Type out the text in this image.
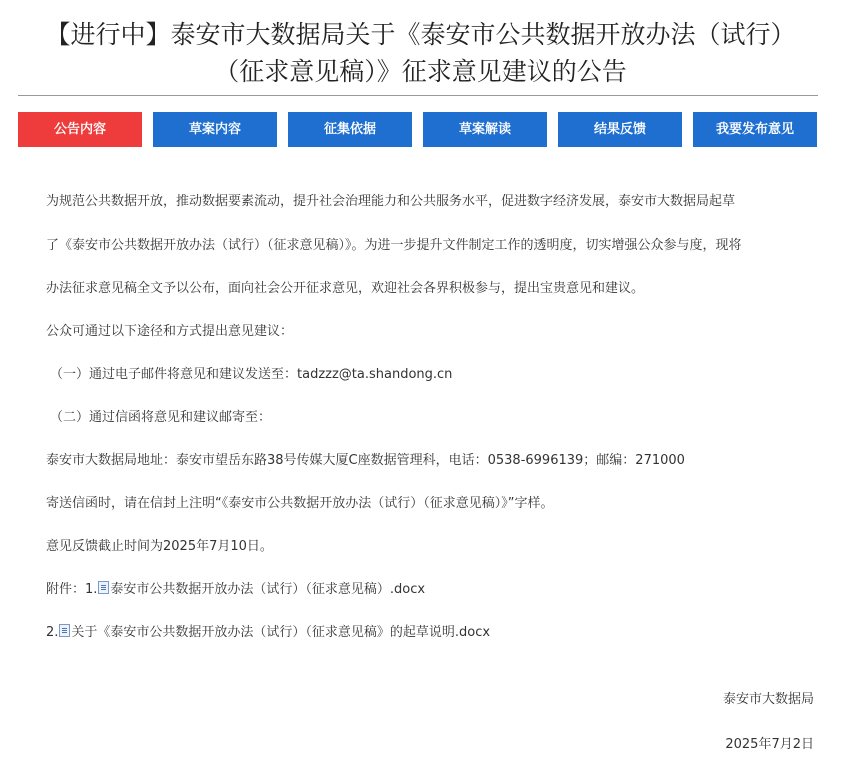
【进行中】泰安市大数据局关于《泰安市公共数据开放办法（试行）
（征求意见稿）》征求意见建议的公告
公告内容	草案内容	征集依据	草案解读	结果反馈	我要发布意见
为规范公共数据开放，推动数据要素流动，提升社会治理能力和公共服务水平，促进数字经济发展，泰安市大数据局起草
了《泰安市公共数据开放办法（试行）（征求意见稿）》。为进一步提升文件制定工作的透明度，切实增强公众参与度，现将
办法征求意见稿全文予以公布，面向社会公开征求意见，欢迎社会各界积极参与，提出宝贵意见和建议。
公众可通过以下途径和方式提出意见建议：
（一）通过电子邮件将意见和建议发送至：tadzzz@ta.shandong.cn
（二）通过信函将意见和建议邮寄至：
泰安市大数据局地址：泰安市望岳东路38号传媒大厦C座数据管理科，电话：0538-6996139；邮编：271000
寄送信函时，请在信封上注明“《泰安市公共数据开放办法（试行）（征求意见稿）》”字样。
意见反馈截止时间为2025年7月10日。
附件：1. 泰安市公共数据开放办法（试行）（征求意见稿）.docx
2. 关于《泰安市公共数据开放办法（试行）（征求意见稿》的起草说明.docx
泰安市大数据局
2025年7月2日
